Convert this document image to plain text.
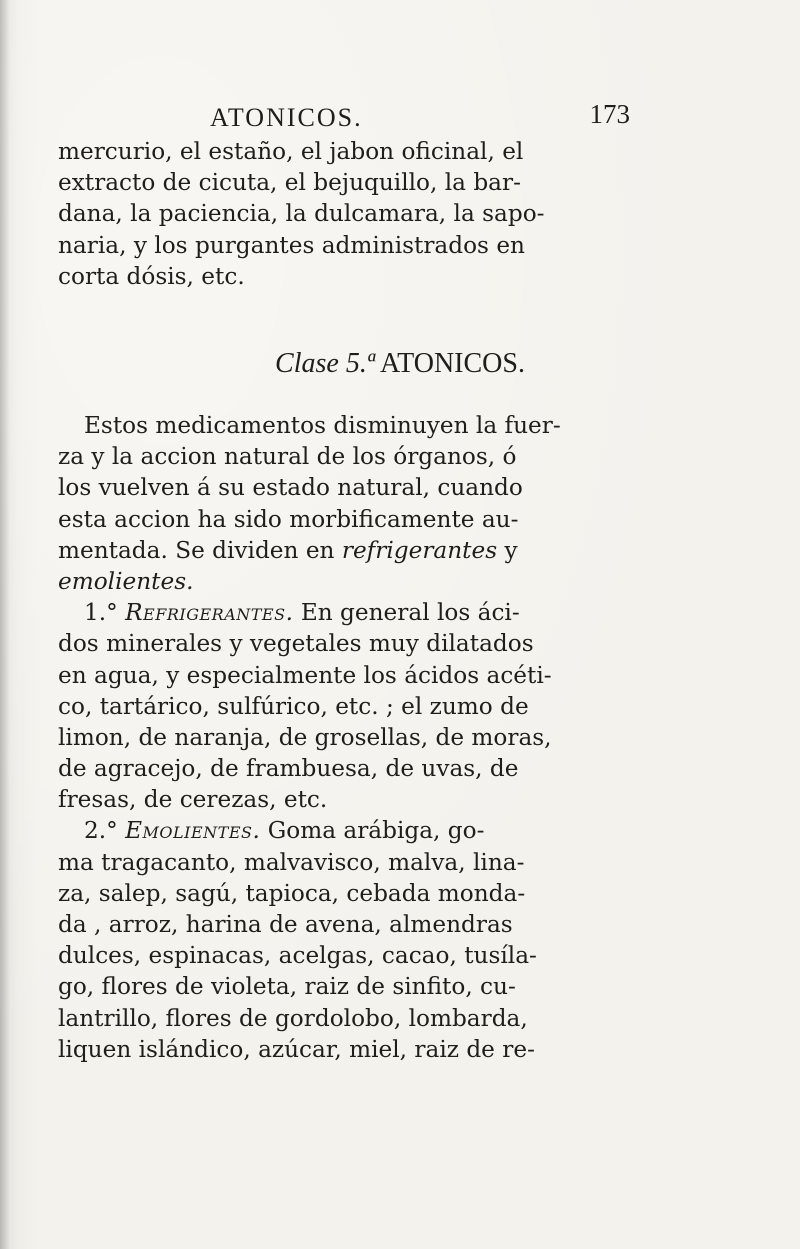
ATONICOS.	173
mercurio, el estaño, el jabon oficinal, el
extracto de cicuta, el bejuquillo, la bar-
dana, la paciencia, la dulcamara, la sapo-
naria, y los purgantes administrados en
corta dósis, etc.
Clase 5.ª ATONICOS.
Estos medicamentos disminuyen la fuer-
za y la accion natural de los órganos, ó
los vuelven á su estado natural, cuando
esta accion ha sido morbificamente au-
mentada. Se dividen en refrigerantes y
emolientes.
1.° Refrigerantes. En general los áci-
dos minerales y vegetales muy dilatados
en agua, y especialmente los ácidos acéti-
co, tartárico, sulfúrico, etc. ; el zumo de
limon, de naranja, de grosellas, de moras,
de agracejo, de frambuesa, de uvas, de
fresas, de cerezas, etc.
2.° Emolientes. Goma arábiga, go-
ma tragacanto, malvavisco, malva, lina-
za, salep, sagú, tapioca, cebada monda-
da , arroz, harina de avena, almendras
dulces, espinacas, acelgas, cacao, tusíla-
go, flores de violeta, raiz de sinfito, cu-
lantrillo, flores de gordolobo, lombarda,
liquen islándico, azúcar, miel, raiz de re-
